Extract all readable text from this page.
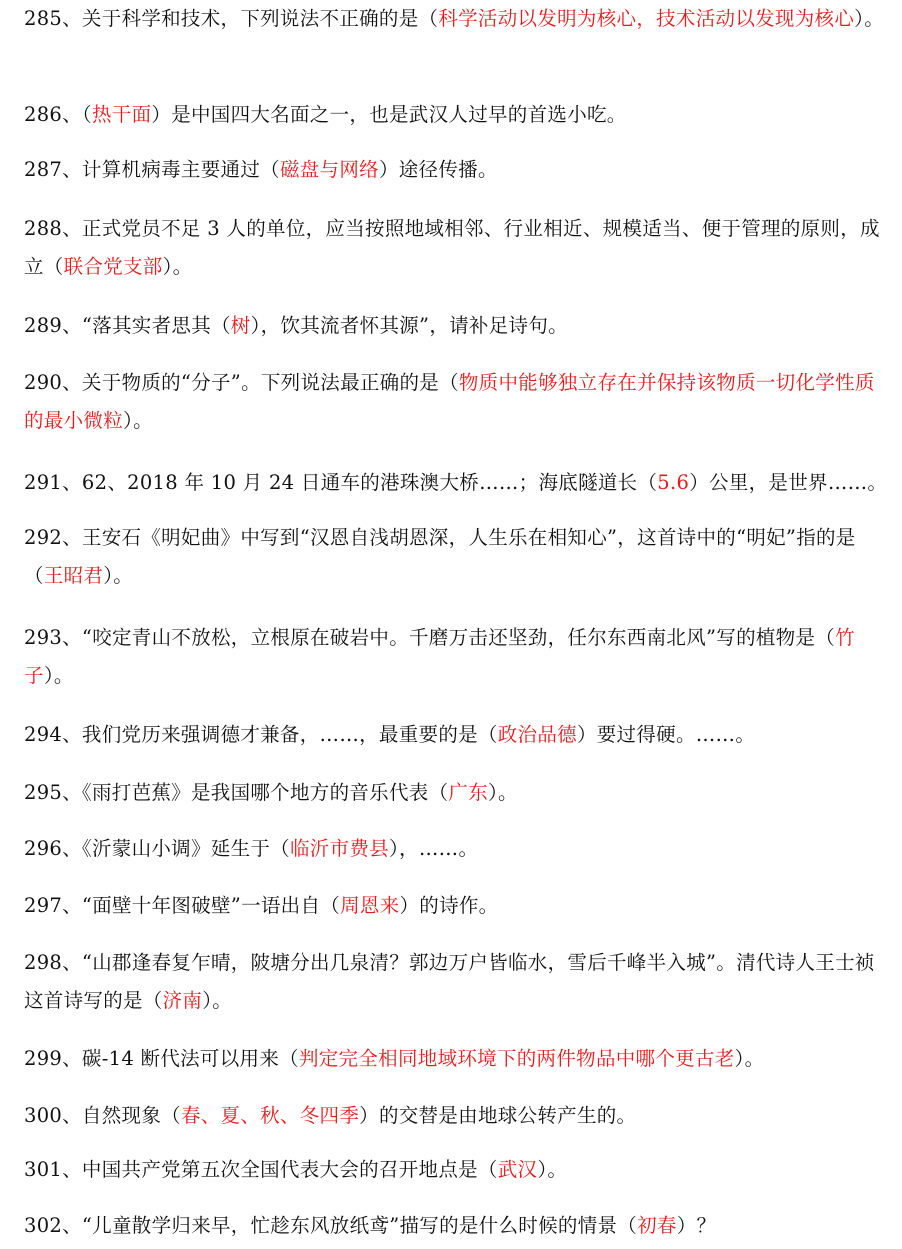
285、关于科学和技术，下列说法不正确的是（科学活动以发明为核心，技术活动以发现为核心）。

286、（热干面）是中国四大名面之一，也是武汉人过早的首选小吃。

287、计算机病毒主要通过（磁盘与网络）途径传播。

288、正式党员不足 3 人的单位，应当按照地域相邻、行业相近、规模适当、便于管理的原则，成立（联合党支部）。

289、“落其实者思其（树），饮其流者怀其源”，请补足诗句。

290、关于物质的“分子”。下列说法最正确的是（物质中能够独立存在并保持该物质一切化学性质的最小微粒）。

291、62、2018 年 10 月 24 日通车的港珠澳大桥……；海底隧道长（5.6）公里，是世界……。

292、王安石《明妃曲》中写到“汉恩自浅胡恩深，人生乐在相知心”，这首诗中的“明妃”指的是（王昭君）。

293、“咬定青山不放松，立根原在破岩中。千磨万击还坚劲，任尔东西南北风”写的植物是（竹子）。

294、我们党历来强调德才兼备，……，最重要的是（政治品德）要过得硬。……。

295、《雨打芭蕉》是我国哪个地方的音乐代表（广东）。

296、《沂蒙山小调》延生于（临沂市费县），……。

297、“面壁十年图破壁”一语出自（周恩来）的诗作。

298、“山郡逢春复乍晴，陂塘分出几泉清？郭边万户皆临水，雪后千峰半入城”。清代诗人王士祯这首诗写的是（济南）。

299、碳-14 断代法可以用来（判定完全相同地域环境下的两件物品中哪个更古老）。

300、自然现象（春、夏、秋、冬四季）的交替是由地球公转产生的。

301、中国共产党第五次全国代表大会的召开地点是（武汉）。

302、“儿童散学归来早，忙趁东风放纸鸢”描写的是什么时候的情景（初春）？
